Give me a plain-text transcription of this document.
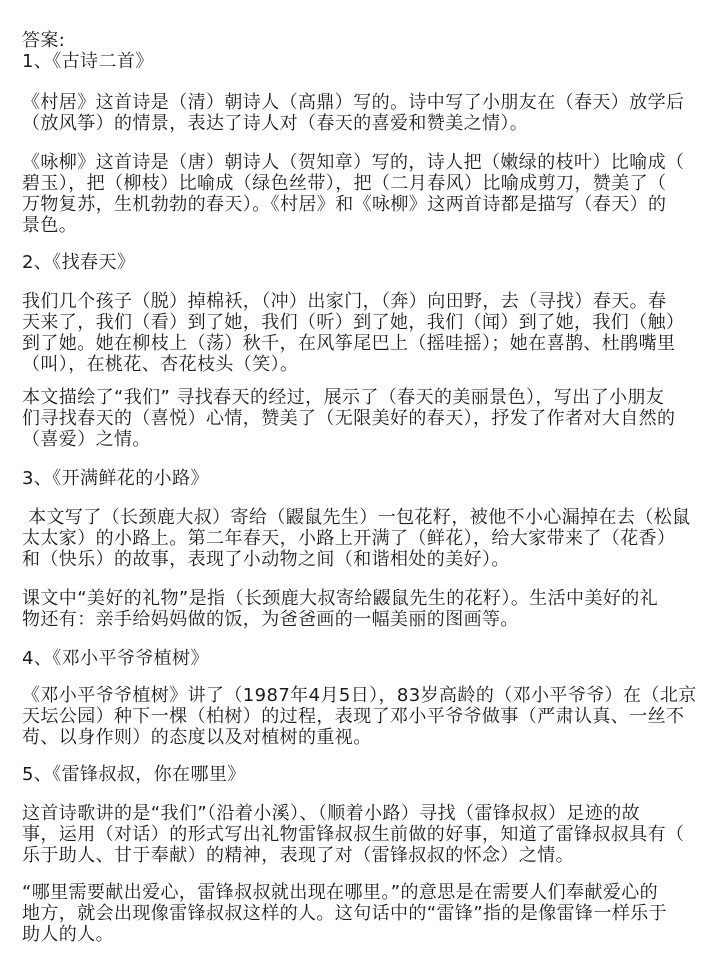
答案:
1、《古诗二首》
《村居》这首诗是（清）朝诗人（高鼎）写的。诗中写了小朋友在（春天）放学后
（放风筝）的情景，表达了诗人对（春天的喜爱和赞美之情）。
《咏柳》这首诗是（唐）朝诗人（贺知章）写的，诗人把（嫩绿的枝叶）比喻成（
碧玉），把（柳枝）比喻成（绿色丝带），把（二月春风）比喻成剪刀，赞美了（
万物复苏，生机勃勃的春天）。《村居》和《咏柳》这两首诗都是描写（春天）的
景色。
2、《找春天》
我们几个孩子（脱）掉棉袄，（冲）出家门，（奔）向田野，去（寻找）春天。春
天来了，我们（看）到了她，我们（听）到了她，我们（闻）到了她，我们（触）
到了她。她在柳枝上（荡）秋千，在风筝尾巴上（摇哇摇）；她在喜鹊、杜鹃嘴里
（叫），在桃花、杏花枝头（笑）。
本文描绘了“我们” 寻找春天的经过，展示了（春天的美丽景色），写出了小朋友
们寻找春天的（喜悦）心情，赞美了（无限美好的春天），抒发了作者对大自然的
（喜爱）之情。
3、《开满鲜花的小路》
本文写了（长颈鹿大叔）寄给（鼹鼠先生）一包花籽，被他不小心漏掉在去（松鼠
太太家）的小路上。第二年春天，小路上开满了（鲜花），给大家带来了（花香）
和（快乐）的故事，表现了小动物之间（和谐相处的美好）。
课文中“美好的礼物”是指（长颈鹿大叔寄给鼹鼠先生的花籽）。生活中美好的礼
物还有：亲手给妈妈做的饭，为爸爸画的一幅美丽的图画等。
4、《邓小平爷爷植树》
《邓小平爷爷植树》讲了（1987年4月5日），83岁高龄的（邓小平爷爷）在（北京
天坛公园）种下一棵（柏树）的过程，表现了邓小平爷爷做事（严肃认真、一丝不
苟、以身作则）的态度以及对植树的重视。
5、《雷锋叔叔，你在哪里》
这首诗歌讲的是“我们”（沿着小溪）、（顺着小路）寻找（雷锋叔叔）足迹的故
事，运用（对话）的形式写出礼物雷锋叔叔生前做的好事，知道了雷锋叔叔具有（
乐于助人、甘于奉献）的精神，表现了对（雷锋叔叔的怀念）之情。
“哪里需要献出爱心，雷锋叔叔就出现在哪里。”的意思是在需要人们奉献爱心的
地方，就会出现像雷锋叔叔这样的人。这句话中的“雷锋”指的是像雷锋一样乐于
助人的人。
